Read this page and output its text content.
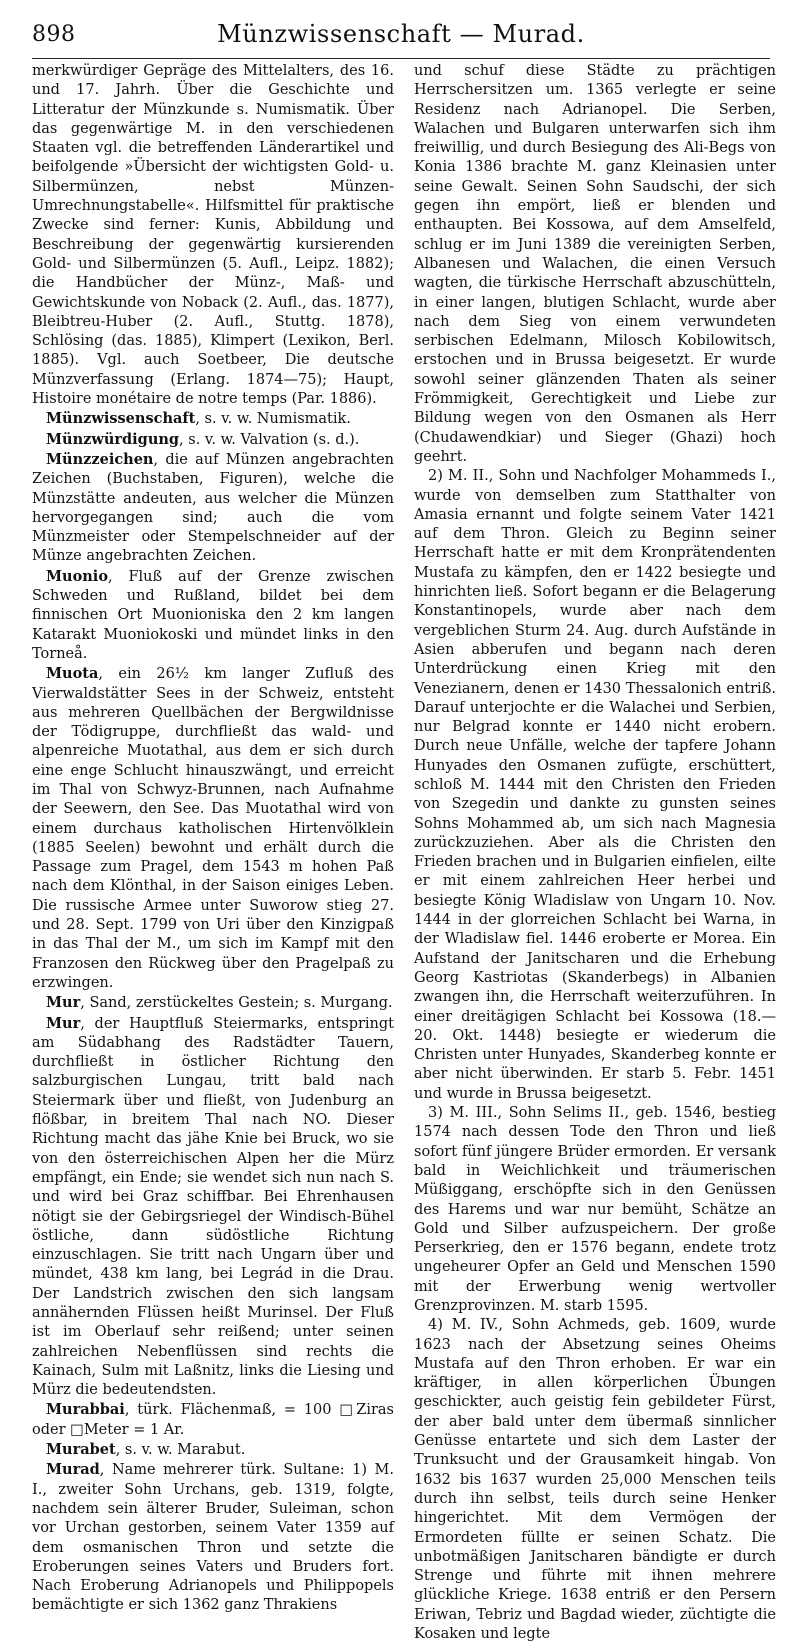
898	Münzwissenschaft — Murad.

merkwürdiger Gepräge des Mittelalters, des 16. und 17. Jahrh. Über die Geschichte und Litteratur der Münzkunde s. Numismatik. Über das gegenwärtige M. in den verschiedenen Staaten vgl. die betreffenden Länderartikel und beifolgende »Übersicht der wichtigsten Gold- u. Silbermünzen, nebst Münzen-Umrechnungstabelle«. Hilfsmittel für praktische Zwecke sind ferner: Kunis, Abbildung und Beschreibung der gegenwärtig kursierenden Gold- und Silbermünzen (5. Aufl., Leipz. 1882); die Handbücher der Münz-, Maß- und Gewichtskunde von Noback (2. Aufl., das. 1877), Bleibtreu-Huber (2. Aufl., Stuttg. 1878), Schlösing (das. 1885), Klimpert (Lexikon, Berl. 1885). Vgl. auch Soetbeer, Die deutsche Münzverfassung (Erlang. 1874—75); Haupt, Histoire monétaire de notre temps (Par. 1886).

Münzwissenschaft, s. v. w. Numismatik.

Münzwürdigung, s. v. w. Valvation (s. d.).

Münzzeichen, die auf Münzen angebrachten Zeichen (Buchstaben, Figuren), welche die Münzstätte andeuten, aus welcher die Münzen hervorgegangen sind; auch die vom Münzmeister oder Stempelschneider auf der Münze angebrachten Zeichen.

Muonio, Fluß auf der Grenze zwischen Schweden und Rußland, bildet bei dem finnischen Ort Muonioniska den 2 km langen Katarakt Muoniokoski und mündet links in den Torneå.

Muota, ein 26½ km langer Zufluß des Vierwaldstätter Sees in der Schweiz, entsteht aus mehreren Quellbächen der Bergwildnisse der Tödigruppe, durchfließt das wald- und alpenreiche Muotathal, aus dem er sich durch eine enge Schlucht hinauszwängt, und erreicht im Thal von Schwyz-Brunnen, nach Aufnahme der Seewern, den See. Das Muotathal wird von einem durchaus katholischen Hirtenvölklein (1885 Seelen) bewohnt und erhält durch die Passage zum Pragel, dem 1543 m hohen Paß nach dem Klönthal, in der Saison einiges Leben. Die russische Armee unter Suworow stieg 27. und 28. Sept. 1799 von Uri über den Kinzigpaß in das Thal der M., um sich im Kampf mit den Franzosen den Rückweg über den Pragelpaß zu erzwingen.

Mur, Sand, zerstückeltes Gestein; s. Murgang.

Mur, der Hauptfluß Steiermarks, entspringt am Südabhang des Radstädter Tauern, durchfließt in östlicher Richtung den salzburgischen Lungau, tritt bald nach Steiermark über und fließt, von Judenburg an flößbar, in breitem Thal nach NO. Dieser Richtung macht das jähe Knie bei Bruck, wo sie von den österreichischen Alpen her die Mürz empfängt, ein Ende; sie wendet sich nun nach S. und wird bei Graz schiffbar. Bei Ehrenhausen nötigt sie der Gebirgsriegel der Windisch-Bühel östliche, dann südöstliche Richtung einzuschlagen. Sie tritt nach Ungarn über und mündet, 438 km lang, bei Legrád in die Drau. Der Landstrich zwischen den sich langsam annähernden Flüssen heißt Murinsel. Der Fluß ist im Oberlauf sehr reißend; unter seinen zahlreichen Nebenflüssen sind rechts die Kainach, Sulm mit Laßnitz, links die Liesing und Mürz die bedeutendsten.

Murabbai, türk. Flächenmaß, = 100 □Ziras oder □Meter = 1 Ar.

Murabet, s. v. w. Marabut.

Murad, Name mehrerer türk. Sultane: 1) M. I., zweiter Sohn Urchans, geb. 1319, folgte, nachdem sein älterer Bruder, Suleiman, schon vor Urchan gestorben, seinem Vater 1359 auf dem osmanischen Thron und setzte die Eroberungen seines Vaters und Bruders fort. Nach Eroberung Adrianopels und Philippopels bemächtigte er sich 1362 ganz Thrakiens

und schuf diese Städte zu prächtigen Herrschersitzen um. 1365 verlegte er seine Residenz nach Adrianopel. Die Serben, Walachen und Bulgaren unterwarfen sich ihm freiwillig, und durch Besiegung des Ali-Begs von Konia 1386 brachte M. ganz Kleinasien unter seine Gewalt. Seinen Sohn Saudschi, der sich gegen ihn empört, ließ er blenden und enthaupten. Bei Kossowa, auf dem Amselfeld, schlug er im Juni 1389 die vereinigten Serben, Albanesen und Walachen, die einen Versuch wagten, die türkische Herrschaft abzuschütteln, in einer langen, blutigen Schlacht, wurde aber nach dem Sieg von einem verwundeten serbischen Edelmann, Milosch Kobilowitsch, erstochen und in Brussa beigesetzt. Er wurde sowohl seiner glänzenden Thaten als seiner Frömmigkeit, Gerechtigkeit und Liebe zur Bildung wegen von den Osmanen als Herr (Chudawendkiar) und Sieger (Ghazi) hoch geehrt.

2) M. II., Sohn und Nachfolger Mohammeds I., wurde von demselben zum Statthalter von Amasia ernannt und folgte seinem Vater 1421 auf dem Thron. Gleich zu Beginn seiner Herrschaft hatte er mit dem Kronprätendenten Mustafa zu kämpfen, den er 1422 besiegte und hinrichten ließ. Sofort begann er die Belagerung Konstantinopels, wurde aber nach dem vergeblichen Sturm 24. Aug. durch Aufstände in Asien abberufen und begann nach deren Unterdrückung einen Krieg mit den Venezianern, denen er 1430 Thessalonich entriß. Darauf unterjochte er die Walachei und Serbien, nur Belgrad konnte er 1440 nicht erobern. Durch neue Unfälle, welche der tapfere Johann Hunyades den Osmanen zufügte, erschüttert, schloß M. 1444 mit den Christen den Frieden von Szegedin und dankte zu gunsten seines Sohns Mohammed ab, um sich nach Magnesia zurückzuziehen. Aber als die Christen den Frieden brachen und in Bulgarien einfielen, eilte er mit einem zahlreichen Heer herbei und besiegte König Wladislaw von Ungarn 10. Nov. 1444 in der glorreichen Schlacht bei Warna, in der Wladislaw fiel. 1446 eroberte er Morea. Ein Aufstand der Janitscharen und die Erhebung Georg Kastriotas (Skanderbegs) in Albanien zwangen ihn, die Herrschaft weiterzuführen. In einer dreitägigen Schlacht bei Kossowa (18.—20. Okt. 1448) besiegte er wiederum die Christen unter Hunyades, Skanderbeg konnte er aber nicht überwinden. Er starb 5. Febr. 1451 und wurde in Brussa beigesetzt.

3) M. III., Sohn Selims II., geb. 1546, bestieg 1574 nach dessen Tode den Thron und ließ sofort fünf jüngere Brüder ermorden. Er versank bald in Weichlichkeit und träumerischen Müßiggang, erschöpfte sich in den Genüssen des Harems und war nur bemüht, Schätze an Gold und Silber aufzuspeichern. Der große Perserkrieg, den er 1576 begann, endete trotz ungeheurer Opfer an Geld und Menschen 1590 mit der Erwerbung wenig wertvoller Grenzprovinzen. M. starb 1595.

4) M. IV., Sohn Achmeds, geb. 1609, wurde 1623 nach der Absetzung seines Oheims Mustafa auf den Thron erhoben. Er war ein kräftiger, in allen körperlichen Übungen geschickter, auch geistig fein gebildeter Fürst, der aber bald unter dem übermaß sinnlicher Genüsse entartete und sich dem Laster der Trunksucht und der Grausamkeit hingab. Von 1632 bis 1637 wurden 25,000 Menschen teils durch ihn selbst, teils durch seine Henker hingerichtet. Mit dem Vermögen der Ermordeten füllte er seinen Schatz. Die unbotmäßigen Janitscharen bändigte er durch Strenge und führte mit ihnen mehrere glückliche Kriege. 1638 entriß er den Persern Eriwan, Tebriz und Bagdad wieder, züchtigte die Kosaken und legte
